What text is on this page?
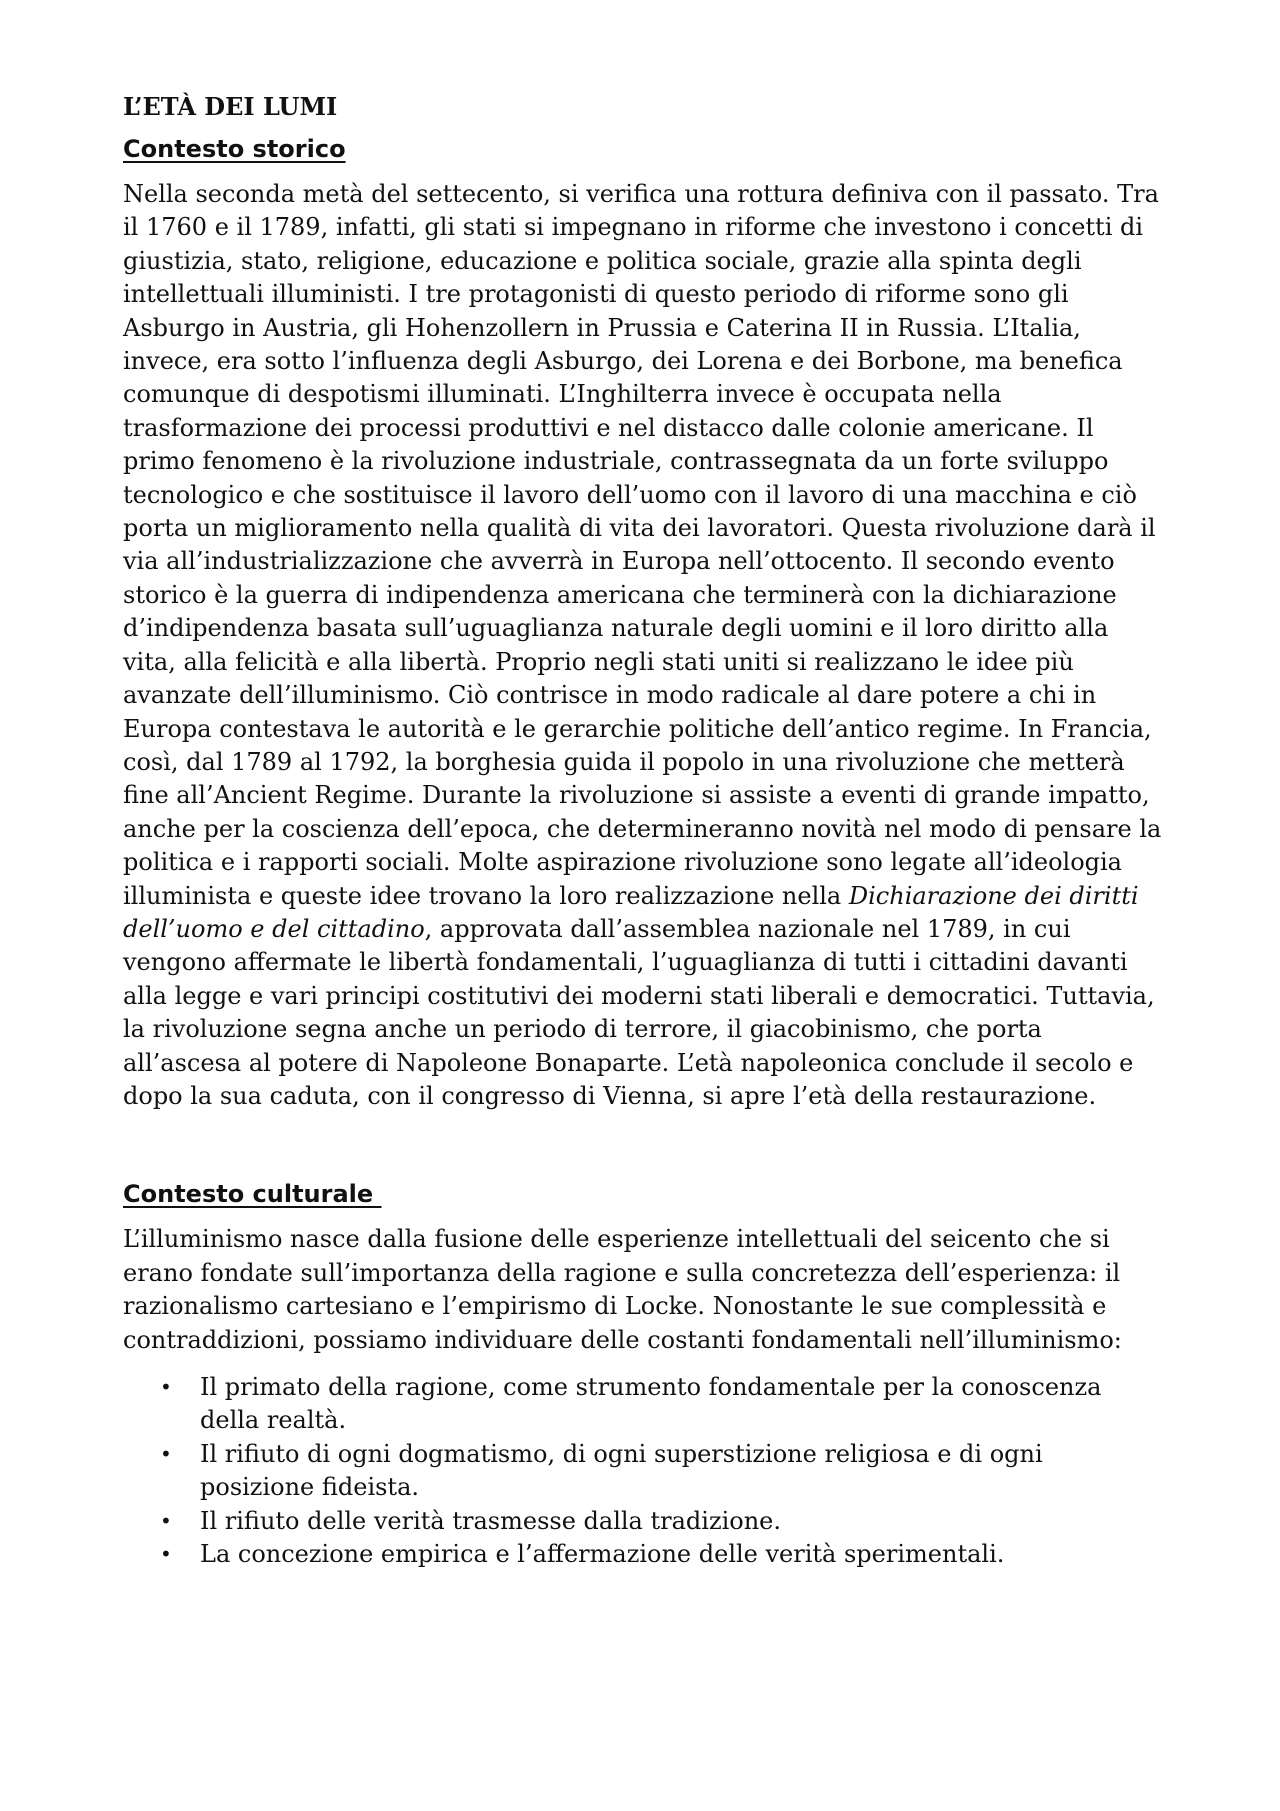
L’ETÀ DEI LUMI
Contesto storico

Nella seconda metà del settecento, si verifica una rottura definiva con il passato. Tra il 1760 e il 1789, infatti, gli stati si impegnano in riforme che investono i concetti di giustizia, stato, religione, educazione e politica sociale, grazie alla spinta degli intellettuali illuministi. I tre protagonisti di questo periodo di riforme sono gli Asburgo in Austria, gli Hohenzollern in Prussia e Caterina II in Russia. L’Italia, invece, era sotto l’influenza degli Asburgo, dei Lorena e dei Borbone, ma benefica comunque di despotismi illuminati. L’Inghilterra invece è occupata nella trasformazione dei processi produttivi e nel distacco dalle colonie americane. Il primo fenomeno è la rivoluzione industriale, contrassegnata da un forte sviluppo tecnologico e che sostituisce il lavoro dell’uomo con il lavoro di una macchina e ciò porta un miglioramento nella qualità di vita dei lavoratori. Questa rivoluzione darà il via all’industrializzazione che avverrà in Europa nell’ottocento. Il secondo evento storico è la guerra di indipendenza americana che terminerà con la dichiarazione d’indipendenza basata sull’uguaglianza naturale degli uomini e il loro diritto alla vita, alla felicità e alla libertà. Proprio negli stati uniti si realizzano le idee più avanzate dell’illuminismo. Ciò contrisce in modo radicale al dare potere a chi in Europa contestava le autorità e le gerarchie politiche dell’antico regime. In Francia, così, dal 1789 al 1792, la borghesia guida il popolo in una rivoluzione che metterà fine all’Ancient Regime. Durante la rivoluzione si assiste a eventi di grande impatto, anche per la coscienza dell’epoca, che determineranno novità nel modo di pensare la politica e i rapporti sociali. Molte aspirazione rivoluzione sono legate all’ideologia illuminista e queste idee trovano la loro realizzazione nella Dichiarazione dei diritti dell’uomo e del cittadino, approvata dall’assemblea nazionale nel 1789, in cui vengono affermate le libertà fondamentali, l’uguaglianza di tutti i cittadini davanti alla legge e vari principi costitutivi dei moderni stati liberali e democratici. Tuttavia, la rivoluzione segna anche un periodo di terrore, il giacobinismo, che porta all’ascesa al potere di Napoleone Bonaparte. L’età napoleonica conclude il secolo e dopo la sua caduta, con il congresso di Vienna, si apre l’età della restaurazione.

Contesto culturale

L’illuminismo nasce dalla fusione delle esperienze intellettuali del seicento che si erano fondate sull’importanza della ragione e sulla concretezza dell’esperienza: il razionalismo cartesiano e l’empirismo di Locke. Nonostante le sue complessità e contraddizioni, possiamo individuare delle costanti fondamentali nell’illuminismo:

• Il primato della ragione, come strumento fondamentale per la conoscenza della realtà.
• Il rifiuto di ogni dogmatismo, di ogni superstizione religiosa e di ogni posizione fideista.
• Il rifiuto delle verità trasmesse dalla tradizione.
• La concezione empirica e l’affermazione delle verità sperimentali.
